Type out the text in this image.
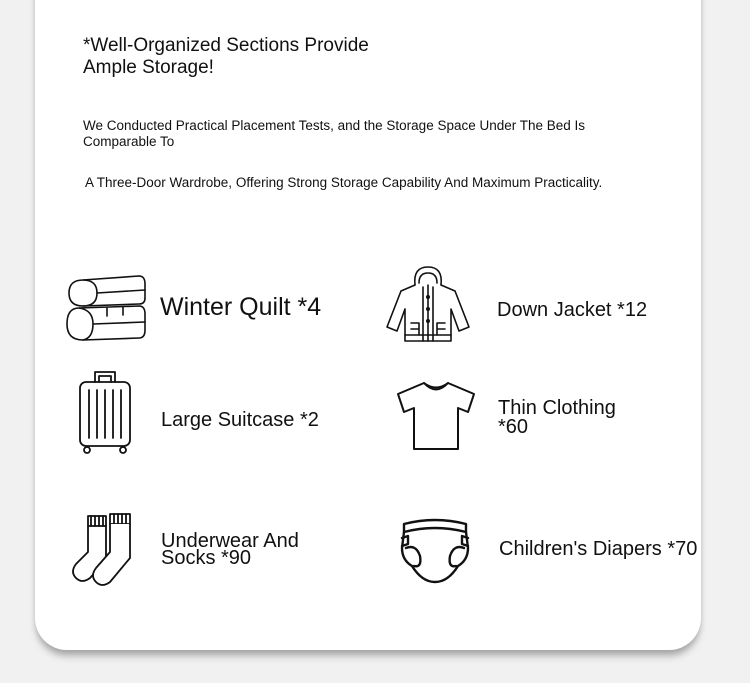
*Well-Organized Sections Provide Ample Storage!

We Conducted Practical Placement Tests, and the Storage Space Under The Bed Is Comparable To

A Three-Door Wardrobe, Offering Strong Storage Capability And Maximum Practicality.

Winter Quilt *4	Down Jacket *12
Large Suitcase *2
Thin Clothing *60
Underwear And Socks *90	Children's Diapers *70
